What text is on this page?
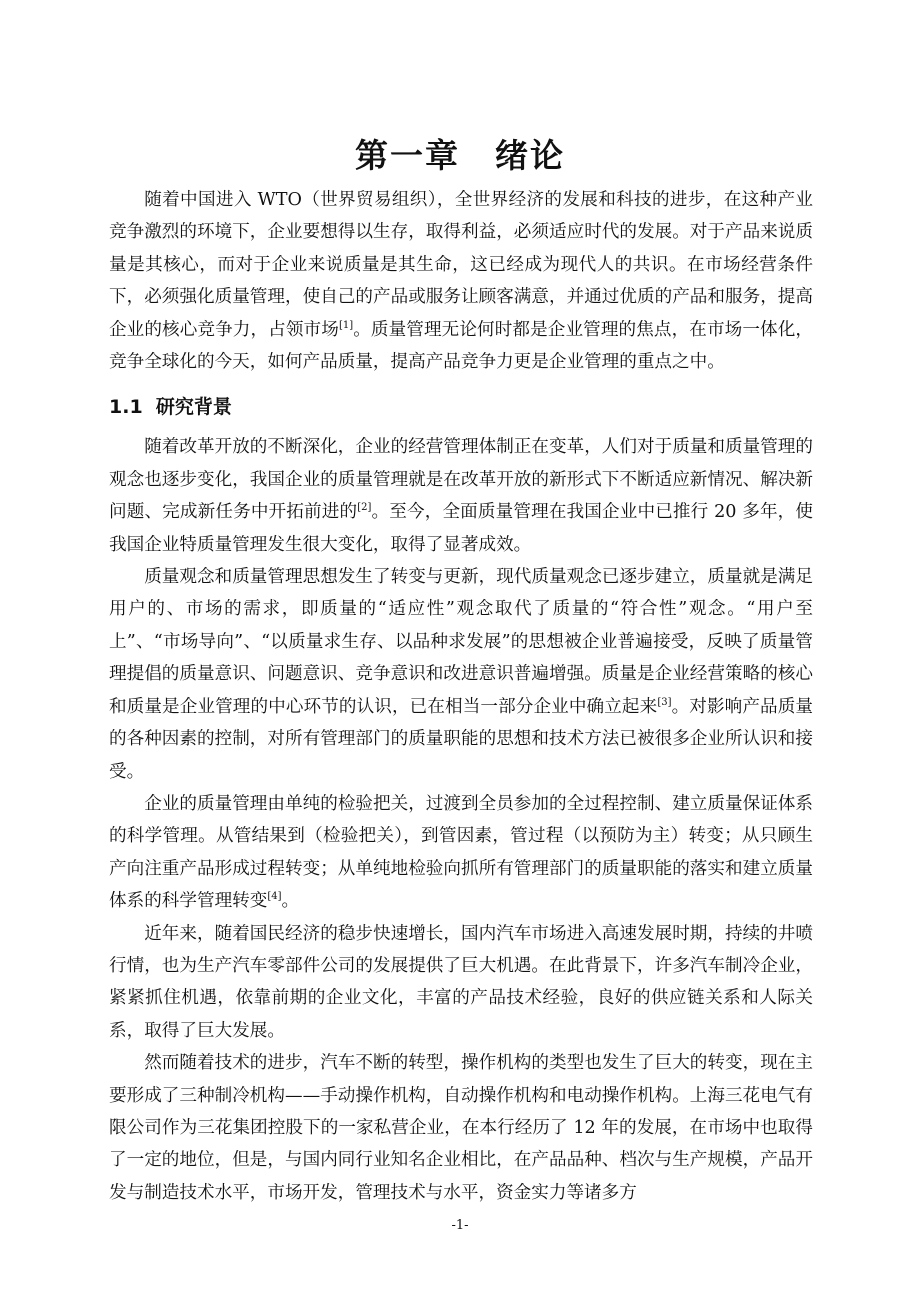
第一章　绪论

随着中国进入 WTO（世界贸易组织），全世界经济的发展和科技的进步，在这种产业竞争激烈的环境下，企业要想得以生存，取得利益，必须适应时代的发展。对于产品来说质量是其核心，而对于企业来说质量是其生命，这已经成为现代人的共识。在市场经营条件下，必须强化质量管理，使自己的产品或服务让顾客满意，并通过优质的产品和服务，提高企业的核心竞争力，占领市场[1]。质量管理无论何时都是企业管理的焦点，在市场一体化，竞争全球化的今天，如何产品质量，提高产品竞争力更是企业管理的重点之中。

1.1  研究背景

随着改革开放的不断深化，企业的经营管理体制正在变革，人们对于质量和质量管理的观念也逐步变化，我国企业的质量管理就是在改革开放的新形式下不断适应新情况、解决新问题、完成新任务中开拓前进的[2]。至今，全面质量管理在我国企业中已推行 20 多年，使我国企业特质量管理发生很大变化，取得了显著成效。

质量观念和质量管理思想发生了转变与更新，现代质量观念已逐步建立，质量就是满足用户的、市场的需求，即质量的“适应性”观念取代了质量的“符合性”观念。“用户至上”、“市场导向”、“以质量求生存、以品种求发展”的思想被企业普遍接受，反映了质量管理提倡的质量意识、问题意识、竞争意识和改进意识普遍增强。质量是企业经营策略的核心和质量是企业管理的中心环节的认识，已在相当一部分企业中确立起来[3]。对影响产品质量的各种因素的控制，对所有管理部门的质量职能的思想和技术方法已被很多企业所认识和接受。

企业的质量管理由单纯的检验把关，过渡到全员参加的全过程控制、建立质量保证体系的科学管理。从管结果到（检验把关），到管因素，管过程（以预防为主）转变；从只顾生产向注重产品形成过程转变；从单纯地检验向抓所有管理部门的质量职能的落实和建立质量体系的科学管理转变[4]。

近年来，随着国民经济的稳步快速增长，国内汽车市场进入高速发展时期，持续的井喷行情，也为生产汽车零部件公司的发展提供了巨大机遇。在此背景下，许多汽车制冷企业，紧紧抓住机遇，依靠前期的企业文化，丰富的产品技术经验，良好的供应链关系和人际关系，取得了巨大发展。

然而随着技术的进步，汽车不断的转型，操作机构的类型也发生了巨大的转变，现在主要形成了三种制冷机构——手动操作机构，自动操作机构和电动操作机构。上海三花电气有限公司作为三花集团控股下的一家私营企业，在本行经历了 12 年的发展，在市场中也取得了一定的地位，但是，与国内同行业知名企业相比，在产品品种、档次与生产规模，产品开发与制造技术水平，市场开发，管理技术与水平，资金实力等诸多方

-1-
